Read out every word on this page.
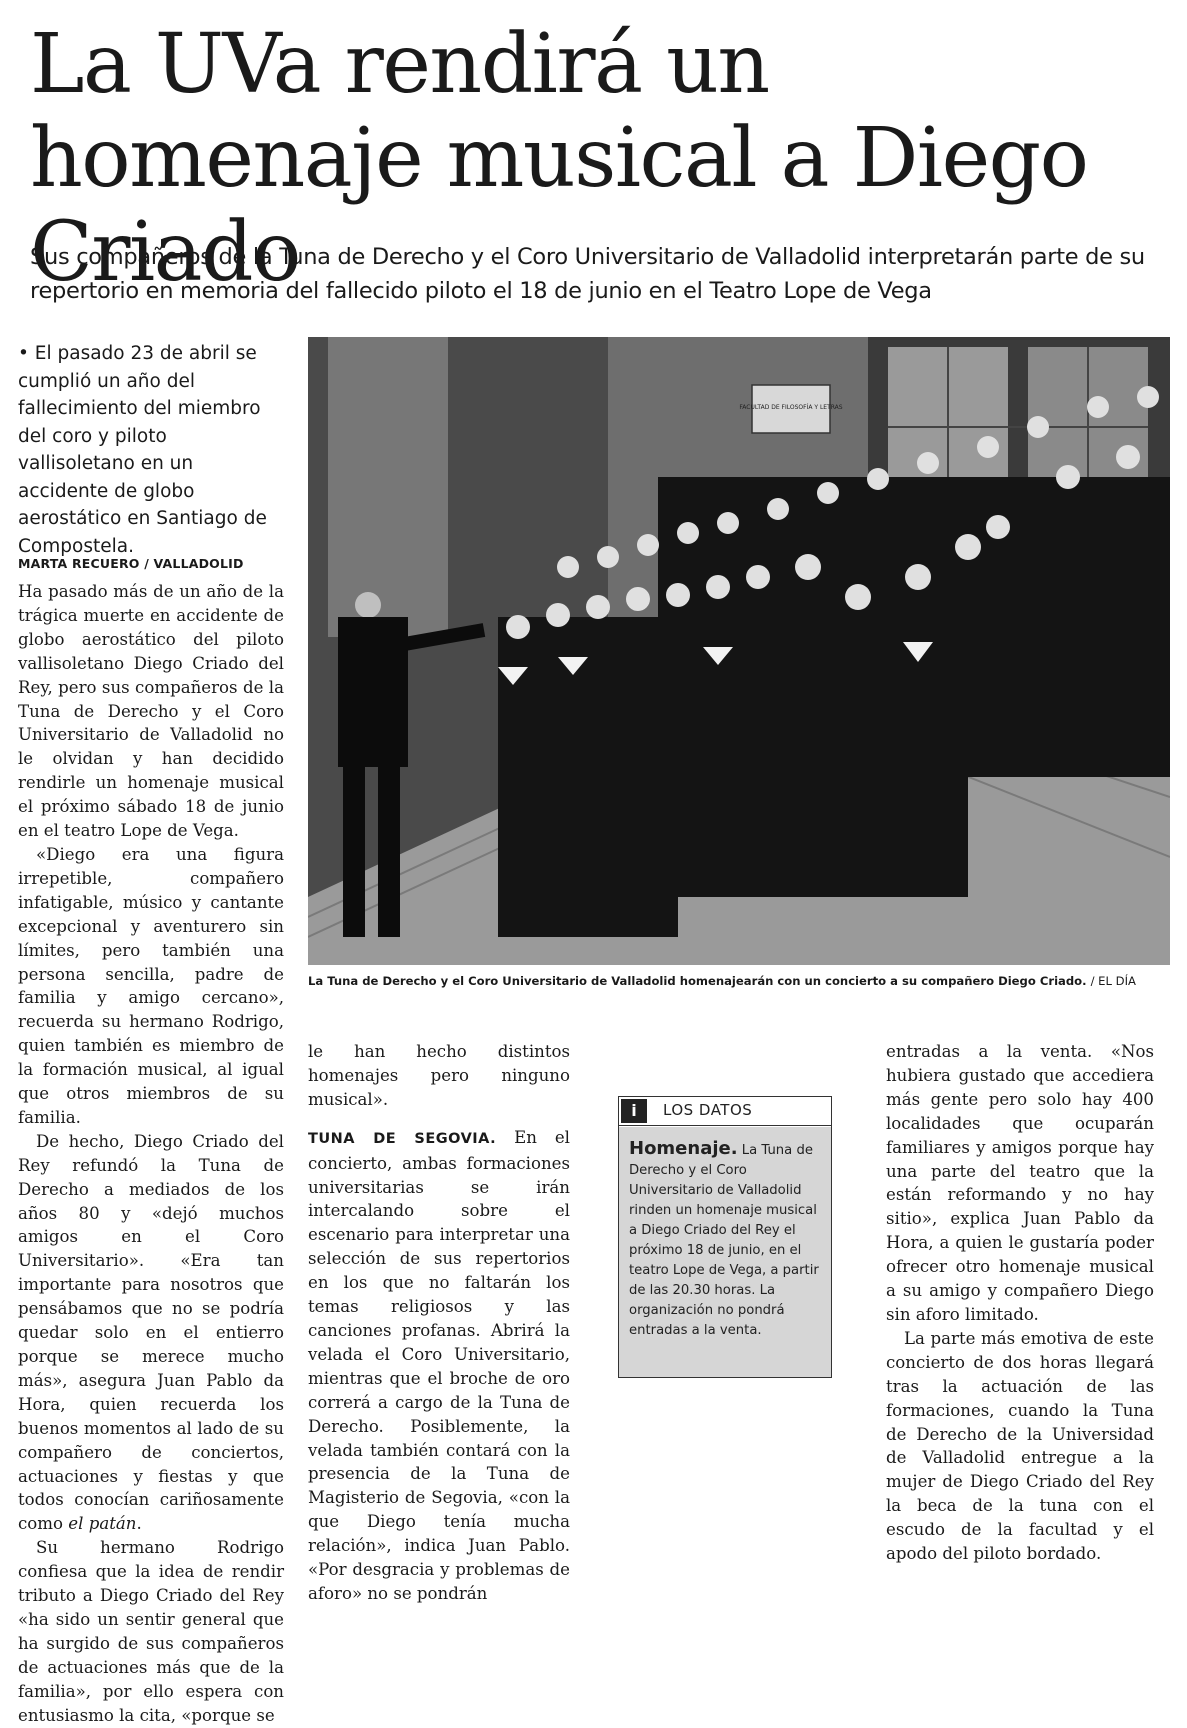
La UVa rendirá un homenaje musical a Diego Criado

Sus compañeros de la Tuna de Derecho y el Coro Universitario de Valladolid interpretarán parte de su repertorio en memoria del fallecido piloto el 18 de junio en el Teatro Lope de Vega

• El pasado 23 de abril se cumplió un año del fallecimiento del miembro del coro y piloto vallisoletano en un accidente de globo aerostático en Santiago de Compostela.
MARTA RECUERO / VALLADOLID

Ha pasado más de un año de la trágica muerte en accidente de globo aerostático del piloto vallisoletano Diego Criado del Rey, pero sus compañeros de la Tuna de Derecho y el Coro Universitario de Valladolid no le olvidan y han decidido rendirle un homenaje musical el próximo sábado 18 de junio en el teatro Lope de Vega.

«Diego era una figura irrepetible, compañero infatigable, músico y cantante excepcional y aventurero sin límites, pero también una persona sencilla, padre de familia y amigo cercano», recuerda su hermano Rodrigo, quien también es miembro de la formación musical, al igual que otros miembros de su familia.

De hecho, Diego Criado del Rey refundó la Tuna de Derecho a mediados de los años 80 y «dejó muchos amigos en el Coro Universitario». «Era tan importante para nosotros que pensábamos que no se podría quedar solo en el entierro porque se merece mucho más», asegura Juan Pablo da Hora, quien recuerda los buenos momentos al lado de su compañero de conciertos, actuaciones y fiestas y que todos conocían cariñosamente como el patán.

Su hermano Rodrigo confiesa que la idea de rendir tributo a Diego Criado del Rey «ha sido un sentir general que ha surgido de sus compañeros de actuaciones más que de la familia», por ello espera con entusiasmo la cita, «porque se

FACULTAD DE FILOSOFÍA Y LETRAS
La Tuna de Derecho y el Coro Universitario de Valladolid homenajearán con un concierto a su compañero Diego Criado. / EL DÍA

le han hecho distintos homenajes pero ninguno musical».

TUNA DE SEGOVIA. En el concierto, ambas formaciones universitarias se irán intercalando sobre el escenario para interpretar una selección de sus repertorios en los que no faltarán los temas religiosos y las canciones profanas. Abrirá la velada el Coro Universitario, mientras que el broche de oro correrá a cargo de la Tuna de Derecho. Posiblemente, la velada también contará con la presencia de la Tuna de Magisterio de Segovia, «con la que Diego tenía mucha relación», indica Juan Pablo. «Por desgracia y problemas de aforo» no se pondrán

i	LOS DATOS
Homenaje. La Tuna de Derecho y el Coro Universitario de Valladolid rinden un homenaje musical a Diego Criado del Rey el próximo 18 de junio, en el teatro Lope de Vega, a partir de las 20.30 horas. La organización no pondrá entradas a la venta.

entradas a la venta. «Nos hubiera gustado que accediera más gente pero solo hay 400 localidades que ocuparán familiares y amigos porque hay una parte del teatro que la están reformando y no hay sitio», explica Juan Pablo da Hora, a quien le gustaría poder ofrecer otro homenaje musical a su amigo y compañero Diego sin aforo limitado.

La parte más emotiva de este concierto de dos horas llegará tras la actuación de las formaciones, cuando la Tuna de Derecho de la Universidad de Valladolid entregue a la mujer de Diego Criado del Rey la beca de la tuna con el escudo de la facultad y el apodo del piloto bordado.
